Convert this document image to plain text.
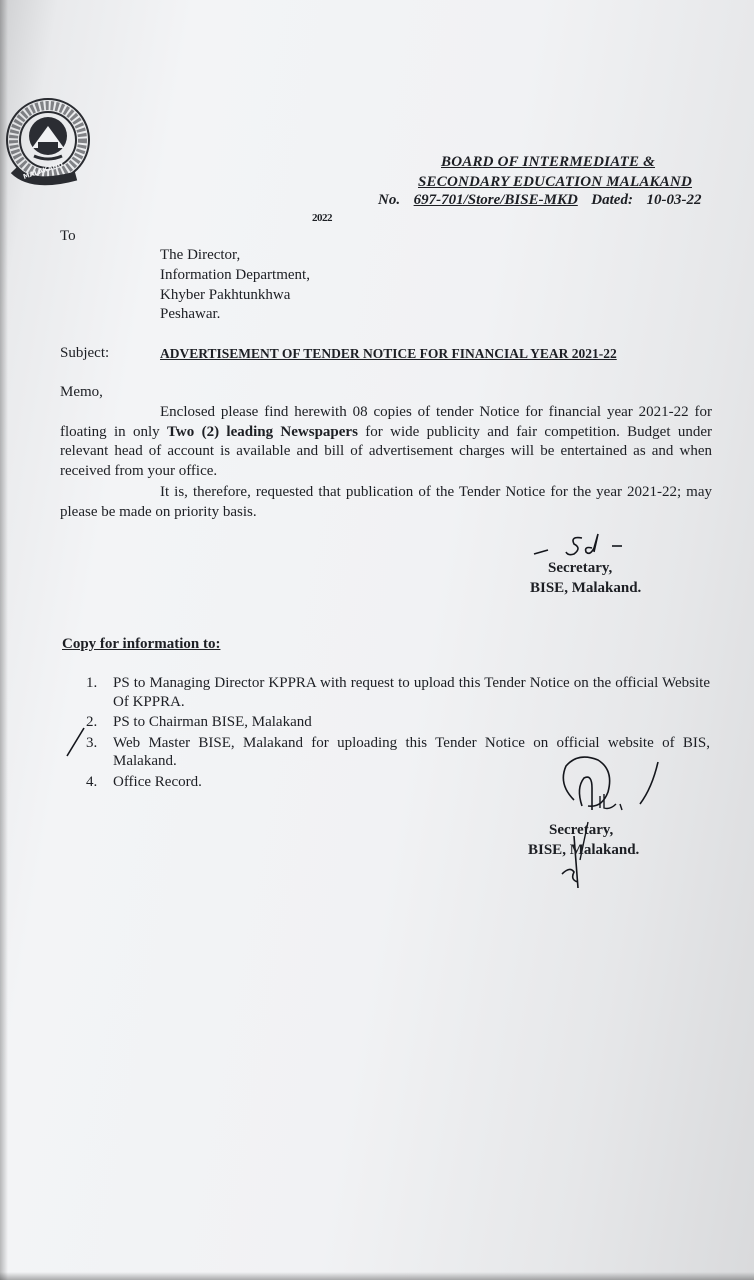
MALAKAND	BOARD OF INTERMEDIATE &
SECONDARY EDUCATION MALAKAND
No. 697-701/Store/BISE-MKD Dated: 10-03-22
2022
To
The Director,
Information Department,
Khyber Pakhtunkhwa
Peshawar.
Subject:	ADVERTISEMENT OF TENDER NOTICE FOR FINANCIAL YEAR 2021-22
Memo,
Enclosed please find herewith 08 copies of tender Notice for financial year 2021-22 for floating in only Two (2) leading Newspapers for wide publicity and fair competition. Budget under relevant head of account is available and bill of advertisement charges will be entertained as and when received from your office.
It is, therefore, requested that publication of the Tender Notice for the year 2021-22; may please be made on priority basis.
Secretary,
BISE, Malakand.
Copy for information to:
1. PS to Managing Director KPPRA with request to upload this Tender Notice on the official Website Of KPPRA.
2. PS to Chairman BISE, Malakand
3. Web Master BISE, Malakand for uploading this Tender Notice on official website of BIS, Malakand.
4. Office Record.
Secretary,
BISE, Malakand.
